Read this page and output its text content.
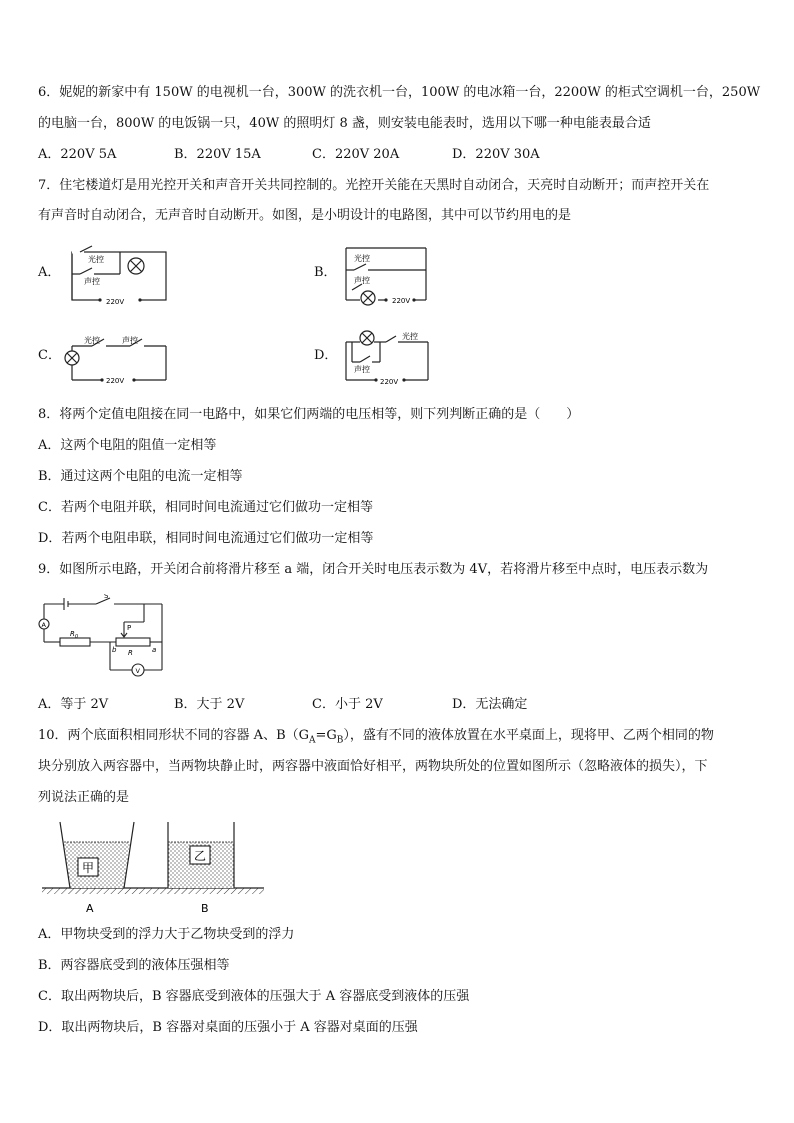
6．妮妮的新家中有 150W 的电视机一台，300W 的洗衣机一台，100W 的电冰箱一台，2200W 的柜式空调机一台，250W
的电脑一台，800W 的电饭锅一只，40W 的照明灯 8 盏，则安装电能表时，选用以下哪一种电能表最合适
A．220V 5A	B．220V 15A	C．220V 20A	D．220V 30A
7．住宅楼道灯是用光控开关和声音开关共同控制的。光控开关能在天黑时自动闭合，天亮时自动断开；而声控开关在
有声音时自动闭合，无声音时自动断开。如图，是小明设计的电路图，其中可以节约用电的是
A．	B．
C．	D．
光控
声控
220V
光控
声控
220V
光控	声控
220V
光控
声控
220V
8．将两个定值电阻接在同一电路中，如果它们两端的电压相等，则下列判断正确的是（　　）
A．这两个电阻的阻值一定相等
B．通过这两个电阻的电流一定相等
C．若两个电阻并联，相同时间电流通过它们做功一定相等
D．若两个电阻串联，相同时间电流通过它们做功一定相等
9．如图所示电路，开关闭合前将滑片移至 a 端，闭合开关时电压表示数为 4V，若将滑片移至中点时，电压表示数为
S
A
$R_0$
P
R
b	a
V
A．等于 2V	B．大于 2V	C．小于 2V	D．无法确定
10．两个底面积相同形状不同的容器 A、$B(G_A=G_B)$，盛有不同的液体放置在水平桌面上，现将甲、乙两个相同的物
块分别放入两容器中，当两物块静止时，两容器中液面恰好相平，两物块所处的位置如图所示（忽略液体的损失），下
列说法正确的是
甲
乙
A	B
A．甲物块受到的浮力大于乙物块受到的浮力
B．两容器底受到的液体压强相等
C．取出两物块后，B 容器底受到液体的压强大于 A 容器底受到液体的压强
D．取出两物块后，B 容器对桌面的压强小于 A 容器对桌面的压强
